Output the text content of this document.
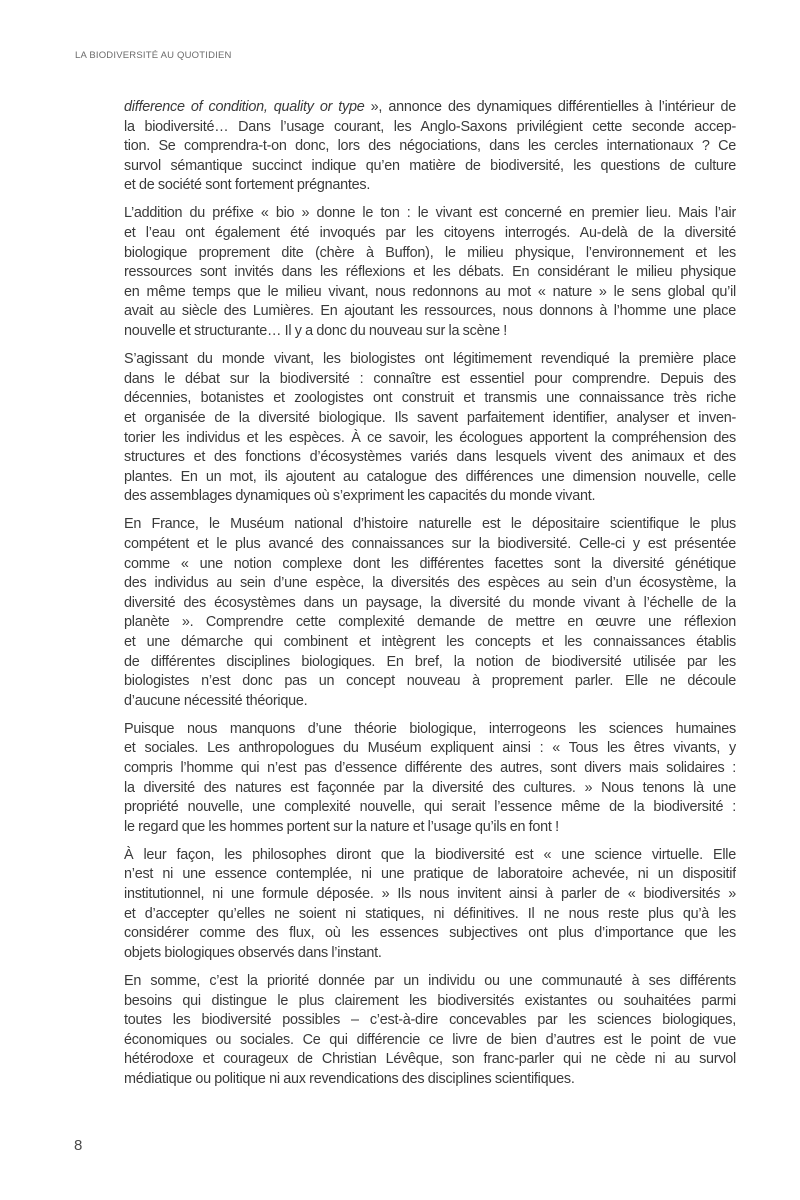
LA BIODIVERSITÉ AU QUOTIDIEN
difference of condition, quality or type », annonce des dynamiques différentielles à l’intérieur de
la biodiversité… Dans l’usage courant, les Anglo-Saxons privilégient cette seconde accep-
tion. Se comprendra-t-on donc, lors des négociations, dans les cercles internationaux ? Ce
survol sémantique succinct indique qu’en matière de biodiversité, les questions de culture
et de société sont fortement prégnantes.
L’addition du préfixe « bio » donne le ton : le vivant est concerné en premier lieu. Mais l’air
et l’eau ont également été invoqués par les citoyens interrogés. Au-delà de la diversité
biologique proprement dite (chère à Buffon), le milieu physique, l’environnement et les
ressources sont invités dans les réflexions et les débats. En considérant le milieu physique
en même temps que le milieu vivant, nous redonnons au mot « nature » le sens global qu’il
avait au siècle des Lumières. En ajoutant les ressources, nous donnons à l’homme une place
nouvelle et structurante… Il y a donc du nouveau sur la scène !
S’agissant du monde vivant, les biologistes ont légitimement revendiqué la première place
dans le débat sur la biodiversité : connaître est essentiel pour comprendre. Depuis des
décennies, botanistes et zoologistes ont construit et transmis une connaissance très riche
et organisée de la diversité biologique. Ils savent parfaitement identifier, analyser et inven-
torier les individus et les espèces. À ce savoir, les écologues apportent la compréhension des
structures et des fonctions d’écosystèmes variés dans lesquels vivent des animaux et des
plantes. En un mot, ils ajoutent au catalogue des différences une dimension nouvelle, celle
des assemblages dynamiques où s’expriment les capacités du monde vivant.
En France, le Muséum national d’histoire naturelle est le dépositaire scientifique le plus
compétent et le plus avancé des connaissances sur la biodiversité. Celle-ci y est présentée
comme « une notion complexe dont les différentes facettes sont la diversité génétique
des individus au sein d’une espèce, la diversités des espèces au sein d’un écosystème, la
diversité des écosystèmes dans un paysage, la diversité du monde vivant à l’échelle de la
planète ». Comprendre cette complexité demande de mettre en œuvre une réflexion
et une démarche qui combinent et intègrent les concepts et les connaissances établis
de différentes disciplines biologiques. En bref, la notion de biodiversité utilisée par les
biologistes n’est donc pas un concept nouveau à proprement parler. Elle ne découle
d’aucune nécessité théorique.
Puisque nous manquons d’une théorie biologique, interrogeons les sciences humaines
et sociales. Les anthropologues du Muséum expliquent ainsi : « Tous les êtres vivants, y
compris l’homme qui n’est pas d’essence différente des autres, sont divers mais solidaires :
la diversité des natures est façonnée par la diversité des cultures. » Nous tenons là une
propriété nouvelle, une complexité nouvelle, qui serait l’essence même de la biodiversité :
le regard que les hommes portent sur la nature et l’usage qu’ils en font !
À leur façon, les philosophes diront que la biodiversité est « une science virtuelle. Elle
n’est ni une essence contemplée, ni une pratique de laboratoire achevée, ni un dispositif
institutionnel, ni une formule déposée. » Ils nous invitent ainsi à parler de « biodiversités »
et d’accepter qu’elles ne soient ni statiques, ni définitives. Il ne nous reste plus qu’à les
considérer comme des flux, où les essences subjectives ont plus d’importance que les
objets biologiques observés dans l’instant.
En somme, c’est la priorité donnée par un individu ou une communauté à ses différents
besoins qui distingue le plus clairement les biodiversités existantes ou souhaitées parmi
toutes les biodiversité possibles – c’est-à-dire concevables par les sciences biologiques,
économiques ou sociales. Ce qui différencie ce livre de bien d’autres est le point de vue
hétérodoxe et courageux de Christian Lévêque, son franc-parler qui ne cède ni au survol
médiatique ou politique ni aux revendications des disciplines scientifiques.
8
